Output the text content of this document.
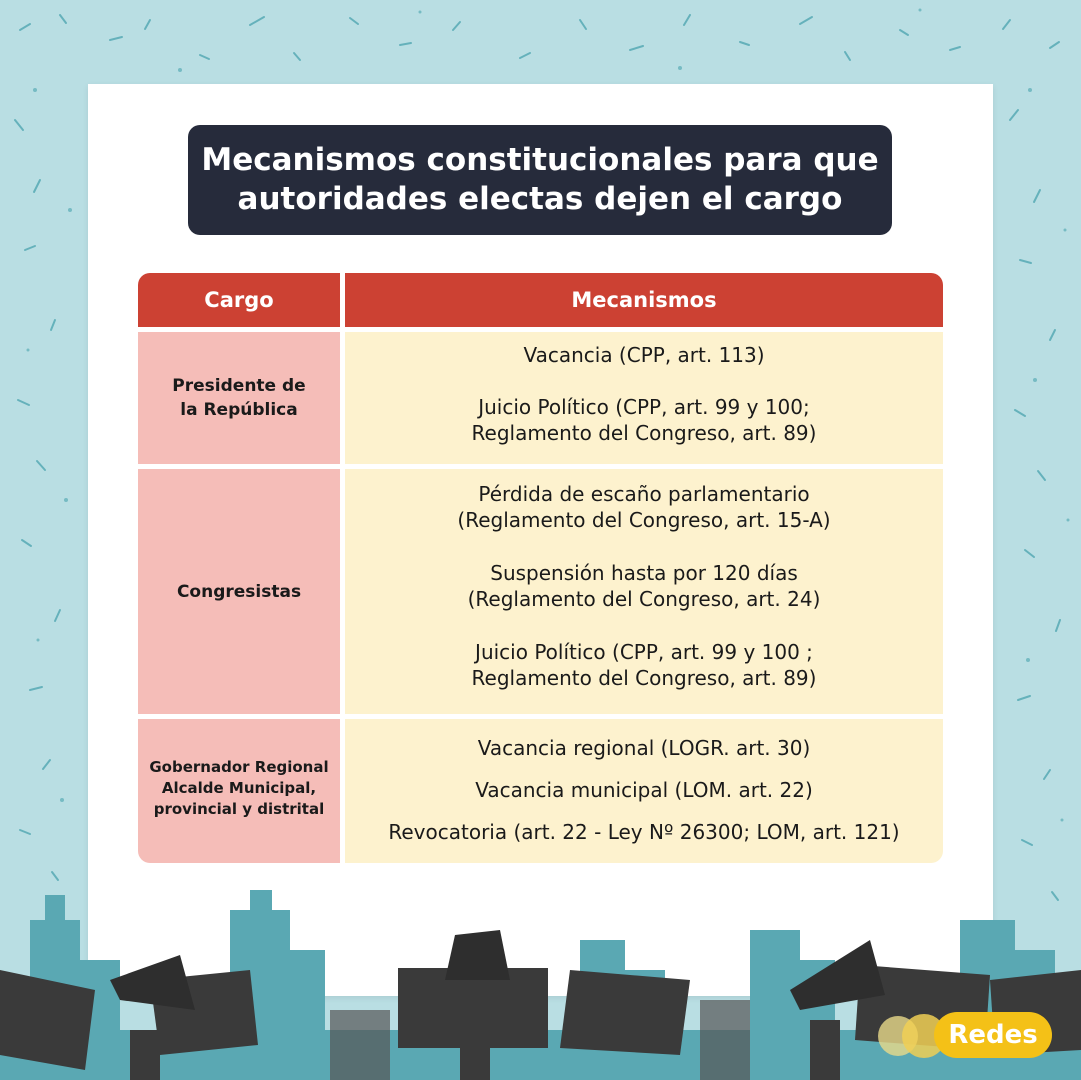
Mecanismos constitucionales para que
autoridades electas dejen el cargo
Cargo	Mecanismos
Presidente de
la República
Vacancia (CPP, art. 113)
Juicio Político (CPP, art. 99 y 100;
Reglamento del Congreso, art. 89)
Congresistas
Pérdida de escaño parlamentario
(Reglamento del Congreso, art. 15-A)
Suspensión hasta por 120 días
(Reglamento del Congreso, art. 24)
Juicio Político (CPP, art. 99 y 100 ;
Reglamento del Congreso, art. 89)
Gobernador Regional
Alcalde Municipal,
provincial y distrital
Vacancia regional (LOGR. art. 30)
Vacancia municipal (LOM. art. 22)
Revocatoria (art. 22 - Ley Nº 26300; LOM, art. 121)
Redes
